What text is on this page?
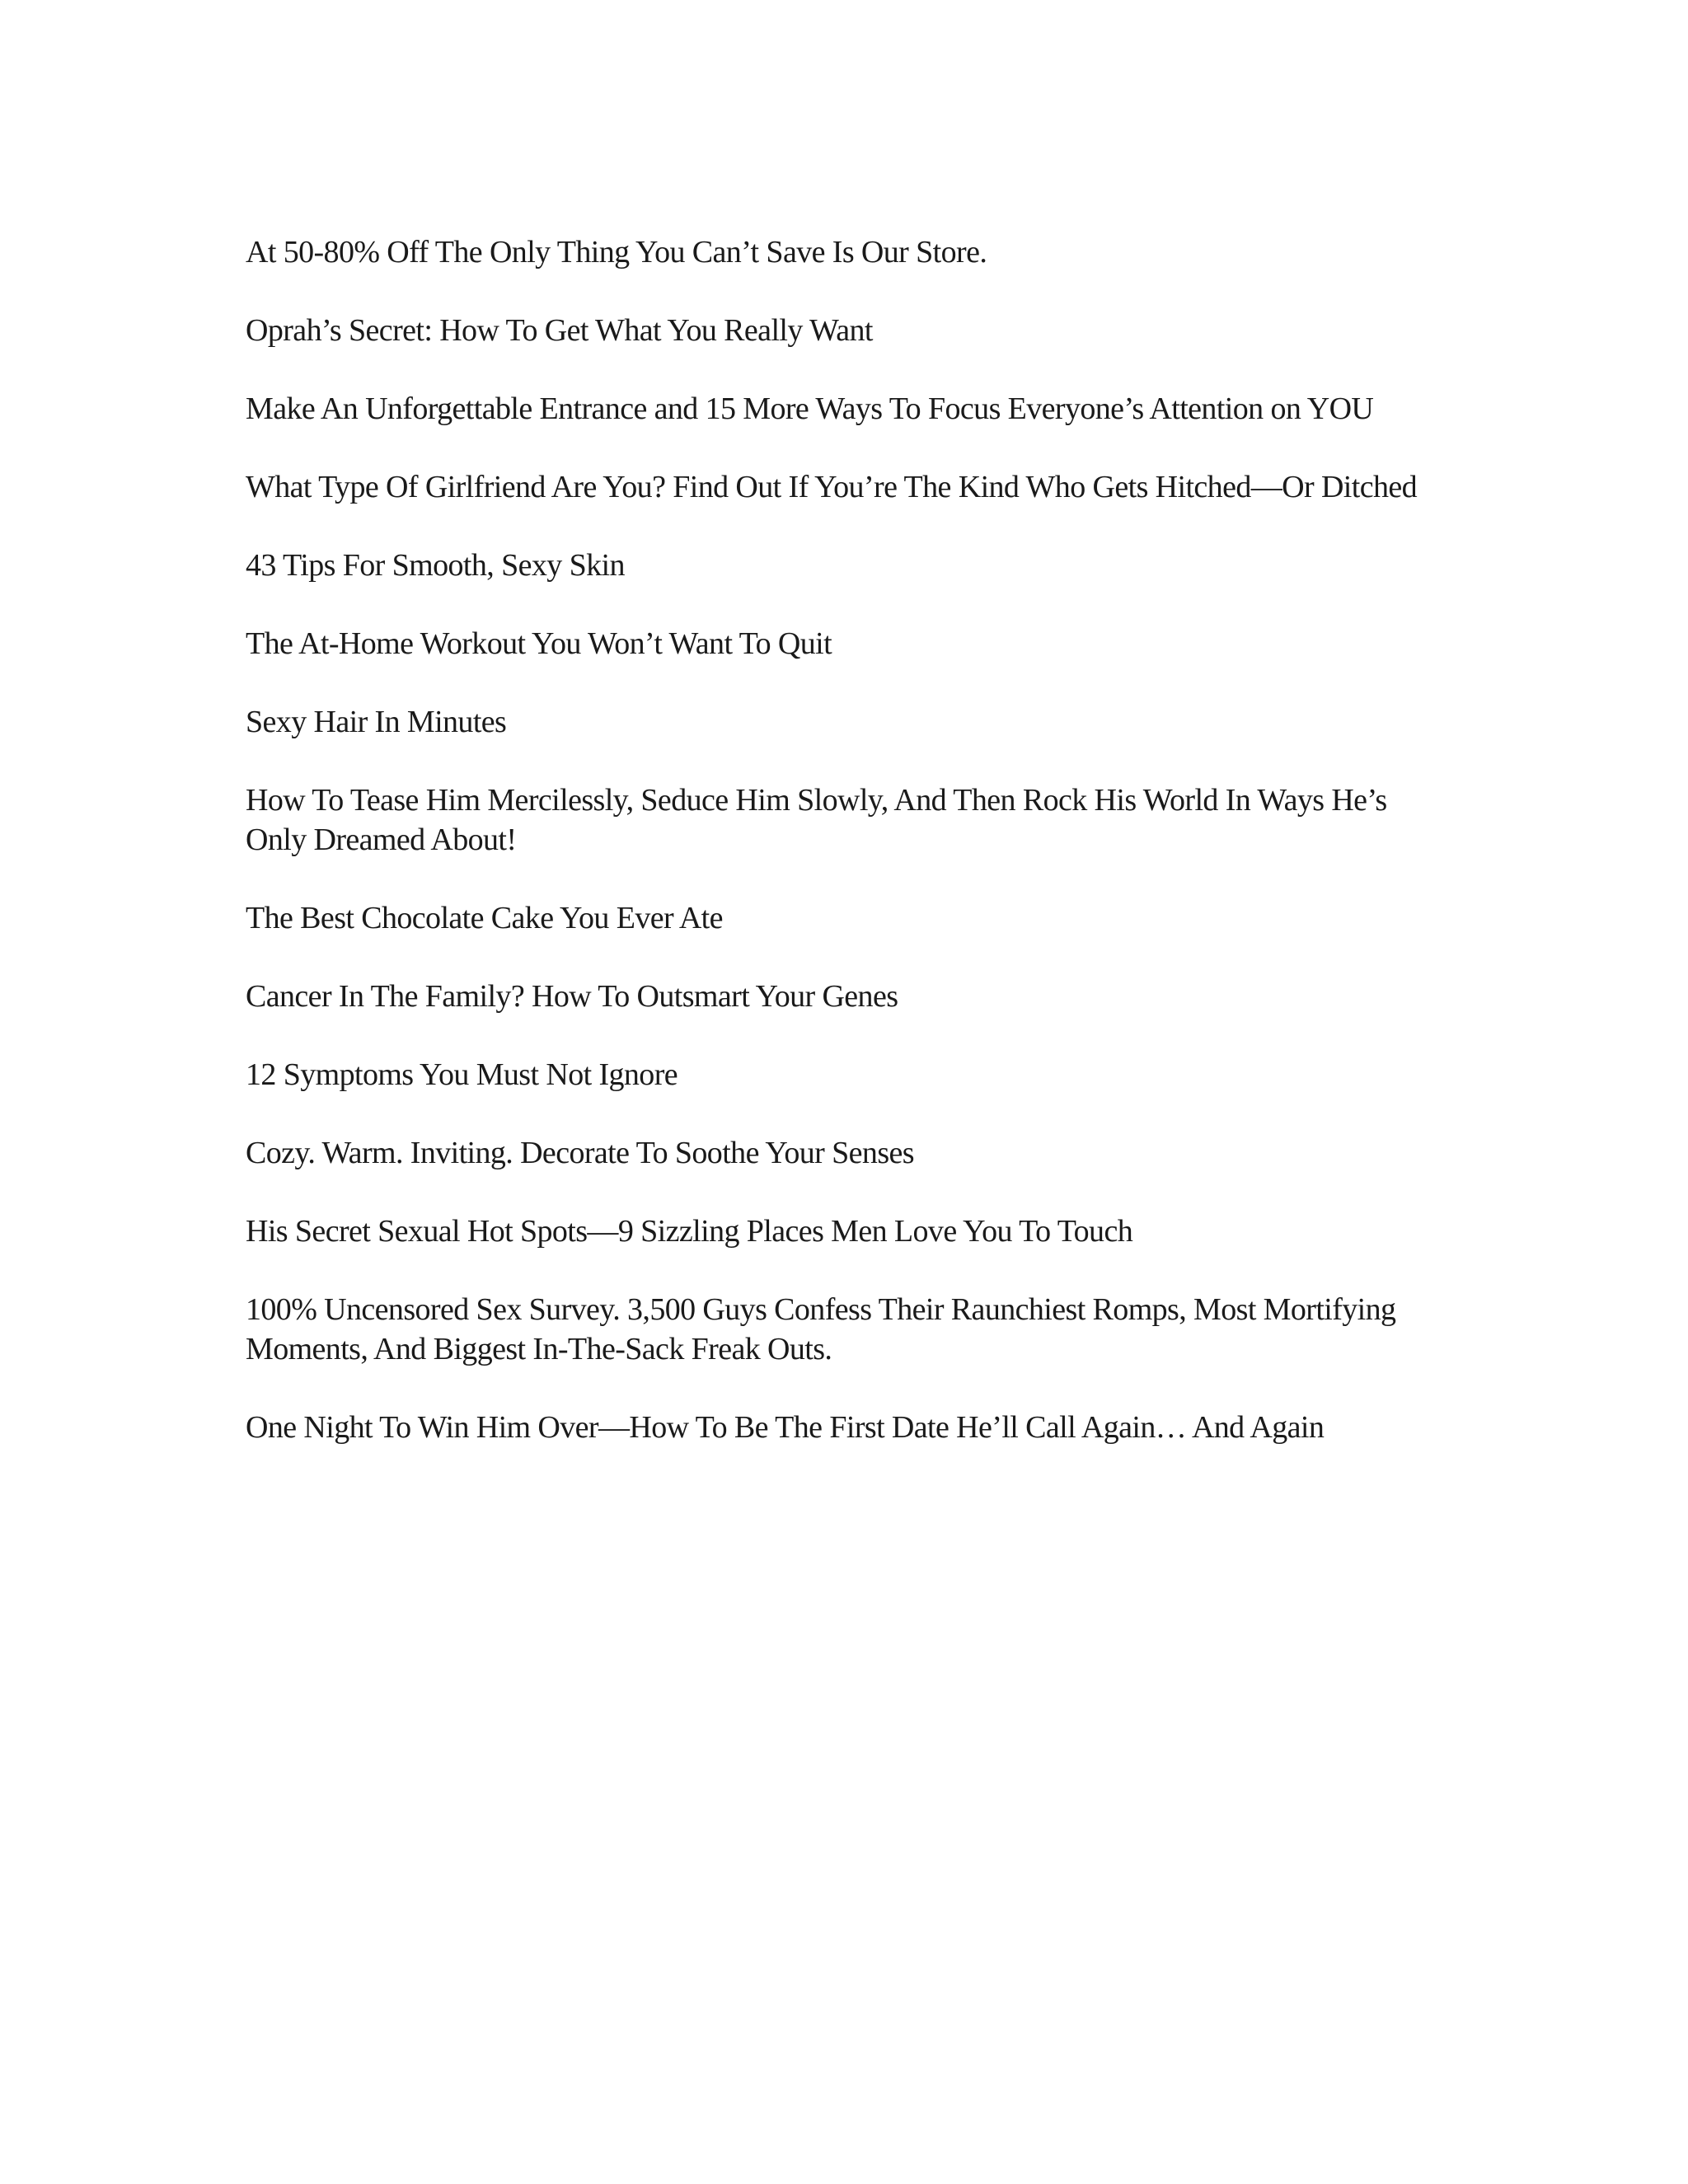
At 50-80% Off The Only Thing You Can’t Save Is Our Store.
Oprah’s Secret: How To Get What You Really Want
Make An Unforgettable Entrance and 15 More Ways To Focus Everyone’s Attention on YOU
What Type Of Girlfriend Are You? Find Out If You’re The Kind Who Gets Hitched—Or Ditched
43 Tips For Smooth, Sexy Skin
The At-Home Workout You Won’t Want To Quit
Sexy Hair In Minutes
How To Tease Him Mercilessly, Seduce Him Slowly, And Then Rock His World In Ways He’s Only Dreamed About!
The Best Chocolate Cake You Ever Ate
Cancer In The Family? How To Outsmart Your Genes
12 Symptoms You Must Not Ignore
Cozy. Warm. Inviting. Decorate To Soothe Your Senses
His Secret Sexual Hot Spots—9 Sizzling Places Men Love You To Touch
100% Uncensored Sex Survey. 3,500 Guys Confess Their Raunchiest Romps, Most Mortifying Moments, And Biggest In-The-Sack Freak Outs.
One Night To Win Him Over—How To Be The First Date He’ll Call Again… And Again
